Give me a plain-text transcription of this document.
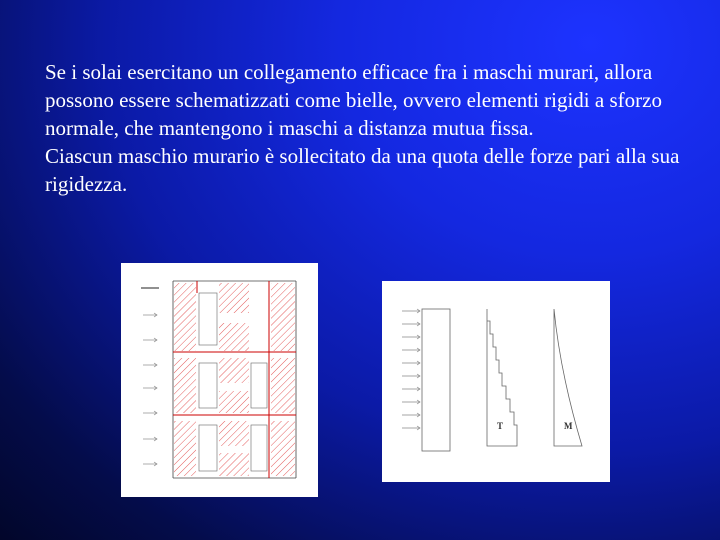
Se i solai esercitano un collegamento efficace fra i maschi murari, allora possono essere schematizzati come bielle, ovvero elementi rigidi a sforzo normale, che mantengono i maschi a distanza mutua fissa.

Ciascun maschio murario è sollecitato da una quota delle forze pari alla sua rigidezza.

T	M
